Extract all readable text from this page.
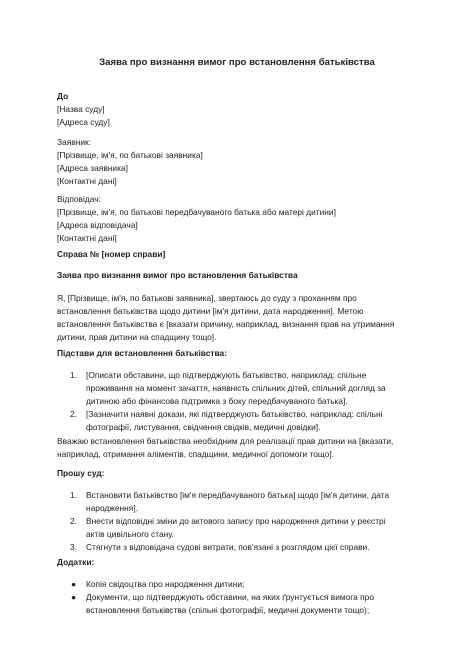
Заява про визнання вимог про встановлення батьківства
До
[Назва суду]
[Адреса суду]
Заявник:
[Прізвище, ім'я, по батькові заявника]
[Адреса заявника]
[Контактні дані]
Відповідач:
[Прізвище, ім'я, по батькові передбачуваного батька або матері дитини]
[Адреса відповідача]
[Контактні дані]
Справа № [номер справи]
Заява про визнання вимог про встановлення батьківства
Я, [Прізвище, ім'я, по батькові заявника], звертаюсь до суду з проханням про
встановлення батьківства щодо дитини [ім'я дитини, дата народження]. Метою
встановлення батьківства є [вказати причину, наприклад, визнання прав на утримання
дитини, прав дитини на спадщину тощо].
Підстави для встановлення батьківства:
1. [Описати обставини, що підтверджують батьківство, наприклад: спільне
проживання на момент зачаття, наявність спільних дітей, спільний догляд за
дитиною або фінансова підтримка з боку передбачуваного батька].
2. [Зазначити наявні докази, які підтверджують батьківство, наприклад: спільні
фотографії, листування, свідчення свідків, медичні довідки].
Вважаю встановлення батьківства необхідним для реалізації прав дитини на [вказати,
наприклад, отримання аліментів, спадщини, медичної допомоги тощо].
Прошу суд:
1. Встановити батьківство [ім'я передбачуваного батька] щодо [ім'я дитини, дата
народження].
2. Внести відповідні зміни до актового запису про народження дитини у реєстрі
актів цивільного стану.
3. Стягнути з відповідача судові витрати, пов'язані з розглядом цієї справи.
Додатки:
● Копія свідоцтва про народження дитини;
● Документи, що підтверджують обставини, на яких ґрунтується вимога про
встановлення батьківства (спільні фотографії, медичні документи тощо);
